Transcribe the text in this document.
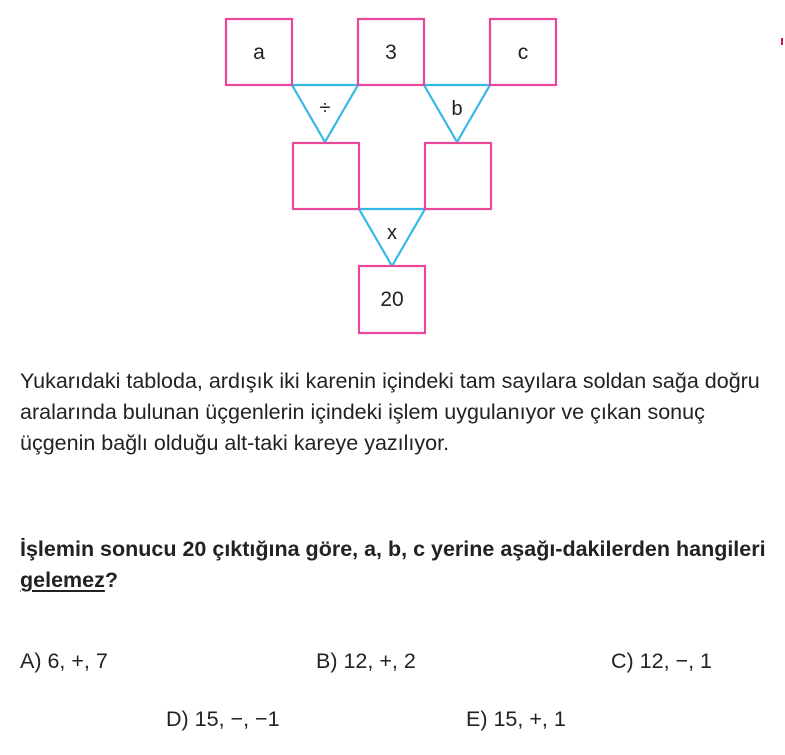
a	3	c
÷	b
x
20

Yukarıdaki tabloda, ardışık iki karenin içindeki tam sayılara soldan sağa doğru aralarında bulunan üçgenlerin içindeki işlem uygulanıyor ve çıkan sonuç üçgenin bağlı olduğu alt-taki kareye yazılıyor.

İşlemin sonucu 20 çıktığına göre, a, b, c yerine aşağı-dakilerden hangileri gelemez?

A) 6, +, 7	B) 12, +, 2	C) 12, −, 1
D) 15, −, −1	E) 15, +, 1
